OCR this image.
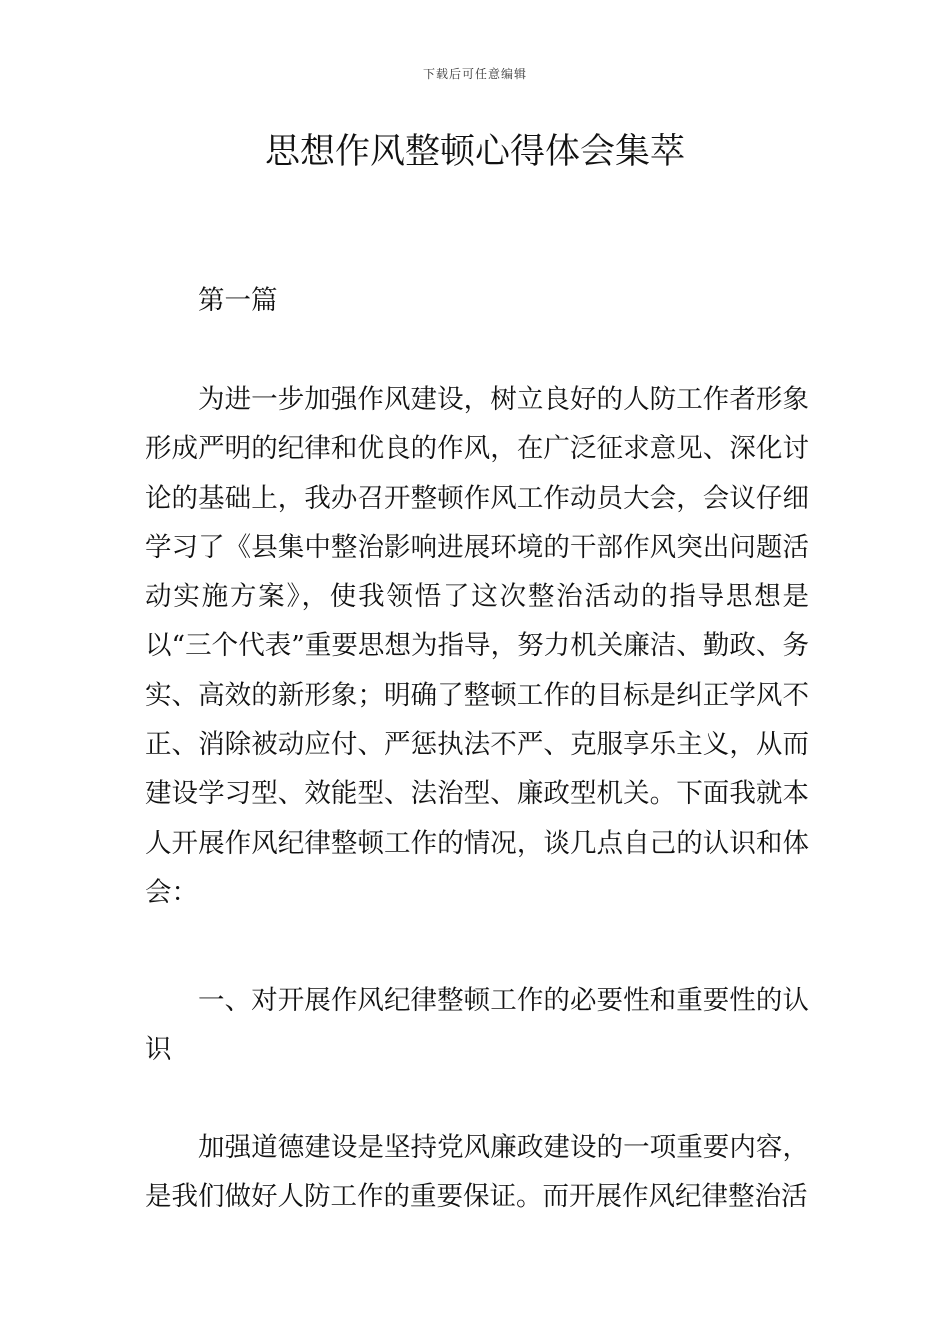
下载后可任意编辑
思想作风整顿心得体会集萃

第一篇

为进一步加强作风建设，树立良好的人防工作者形象形成严明的纪律和优良的作风，在广泛征求意见、深化讨论的基础上，我办召开整顿作风工作动员大会，会议仔细学习了《县集中整治影响进展环境的干部作风突出问题活动实施方案》，使我领悟了这次整治活动的指导思想是以“三个代表”重要思想为指导，努力机关廉洁、勤政、务实、高效的新形象；明确了整顿工作的目标是纠正学风不正、消除被动应付、严惩执法不严、克服享乐主义，从而建设学习型、效能型、法治型、廉政型机关。下面我就本人开展作风纪律整顿工作的情况，谈几点自己的认识和体会：

一、对开展作风纪律整顿工作的必要性和重要性的认识

加强道德建设是坚持党风廉政建设的一项重要内容，是我们做好人防工作的重要保证。而开展作风纪律整治活
